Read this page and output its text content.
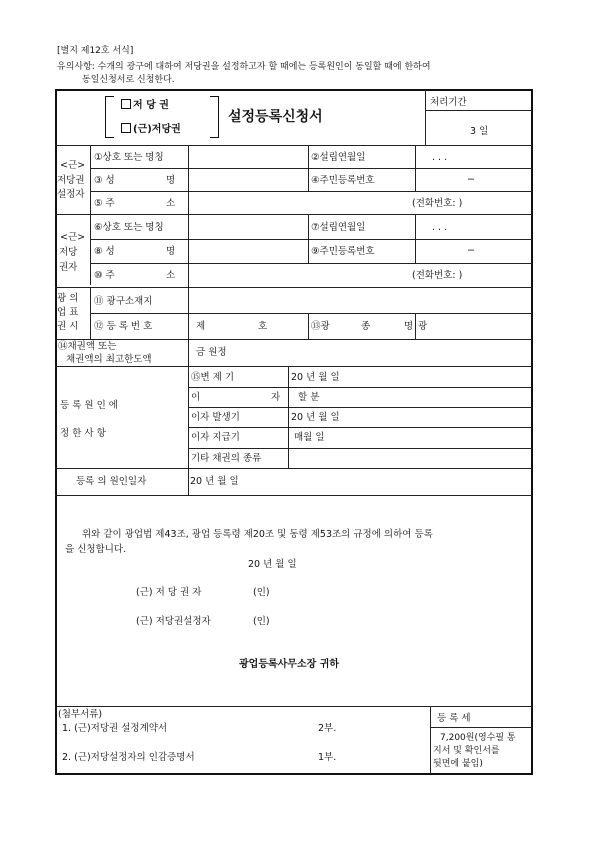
[별지 제12호 서식]
유의사항: 수개의 광구에 대하여 저당권을 설정하고자 할 때에는 등록원인이 동일할 때에 한하여
동일신청서로 신청한다.
저 당 권
(근)저당권
설정등록신청서
처리기간
3 일
<근>
저당권
설정자
①상호 또는 명칭	②설립연월일	. . .
③ 성	명	④주민등록번호	−
⑤ 주	소	(전화번호: )
<근>
저당
권자
⑥상호 또는 명칭	⑦설립연월일	. . .
⑧ 성	명	⑨주민등록번호	−
⑩ 주	소	(전화번호: )
광 의
업 표
권 시
⑪ 광구소재지
⑫ 등 록 번 호	제	호	⑬광	종	명 광
⑭채권액 또는
채권액의 최고한도액
금 원정
등 록 원 인 에
정 한 사 항
⑮변 제 기	20 년 월 일
이	자 할 분
이자 발생기	20 년 월 일
이자 지급기	매월 일
기타 채권의 종류
등록 의 원인일자	20 년 월 일
위와 같이 광업법 제43조, 광업 등록령 제20조 및 동령 제53조의 규정에 의하여 등록
을 신청합니다.
20 년 월 일
(근) 저 당 권 자	(인)
(근) 저당권설정자	(인)
광업등록사무소장 귀하
(첨부서류)
1. (근)저당권 설정계약서	2부.
2. (근)저당설정자의 인감증명서	1부.
등 록 세
7,200원(영수필 통
지서 및 확인서를
뒷면에 붙임)
